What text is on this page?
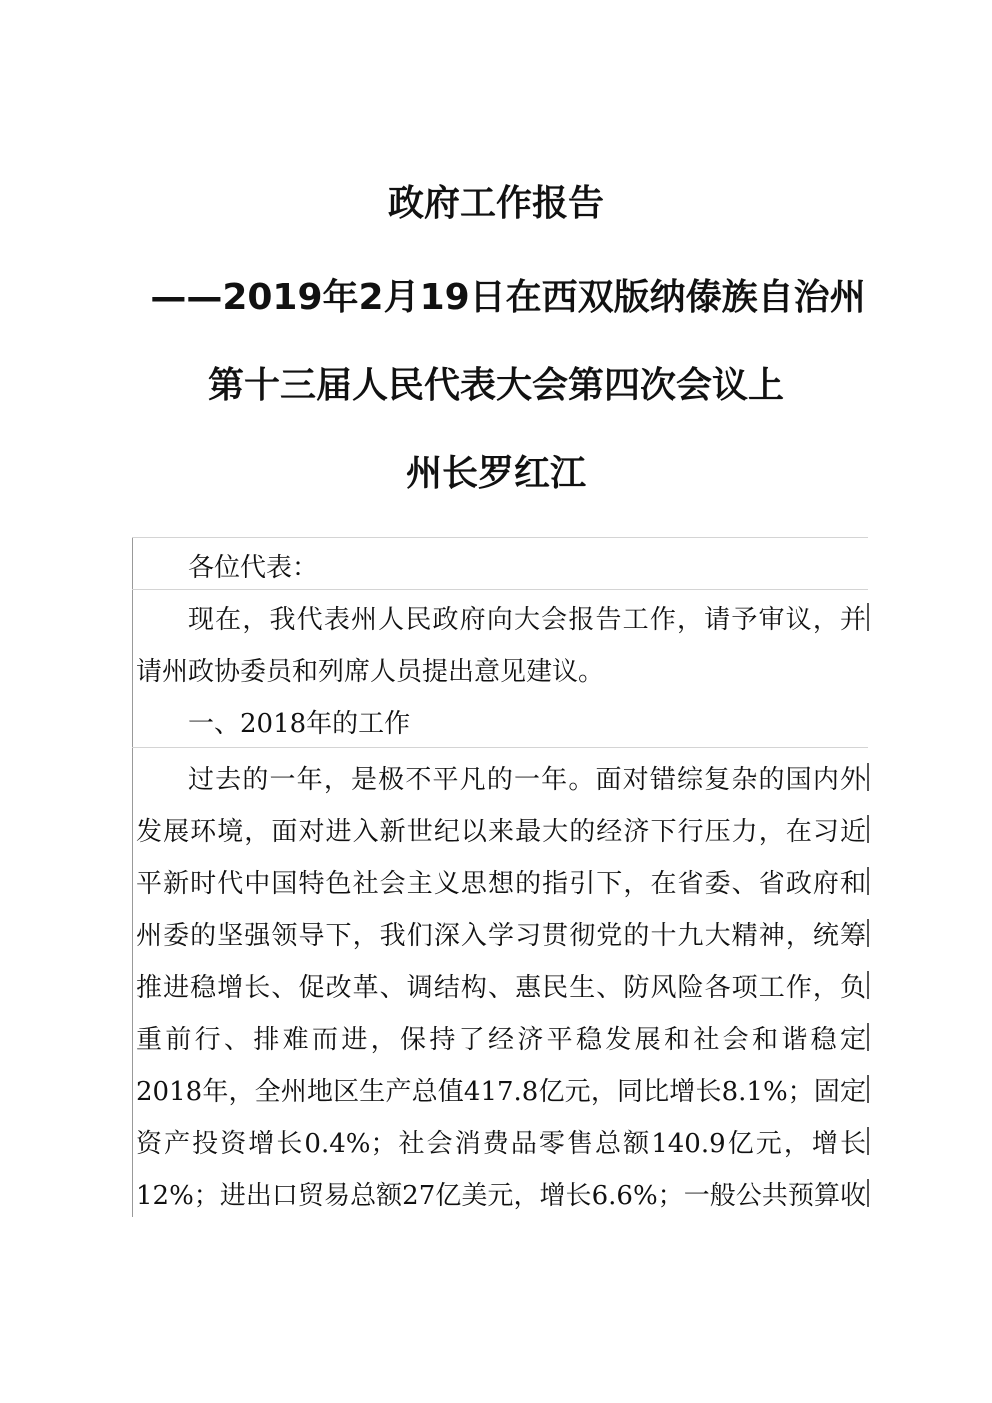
政府工作报告
——2019年2月19日在西双版纳傣族自治州
第十三届人民代表大会第四次会议上
州长罗红江
各位代表：
现在，我代表州人民政府向大会报告工作，请予审议，并
请州政协委员和列席人员提出意见建议。
一、2018年的工作
过去的一年，是极不平凡的一年。面对错综复杂的国内外
发展环境，面对进入新世纪以来最大的经济下行压力，在习近
平新时代中国特色社会主义思想的指引下，在省委、省政府和
州委的坚强领导下，我们深入学习贯彻党的十九大精神，统筹
推进稳增长、促改革、调结构、惠民生、防风险各项工作，负
重前行、排难而进，保持了经济平稳发展和社会和谐稳定
2018年，全州地区生产总值417.8亿元，同比增长8.1%；固定
资产投资增长0.4%；社会消费品零售总额140.9亿元，增长
12%；进出口贸易总额27亿美元，增长6.6%；一般公共预算收
